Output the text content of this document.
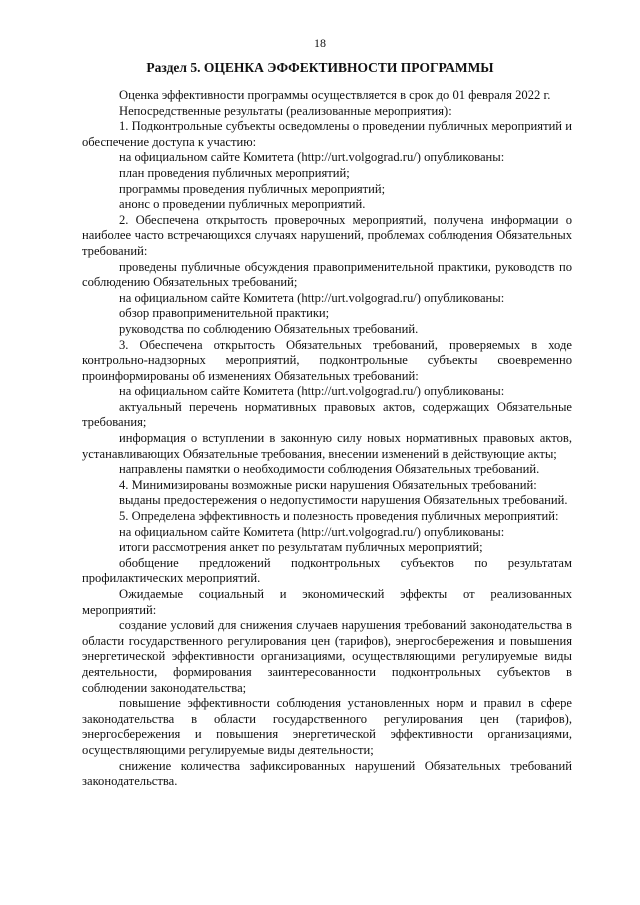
18
Раздел 5. ОЦЕНКА ЭФФЕКТИВНОСТИ ПРОГРАММЫ

Оценка эффективности программы осуществляется в срок до 01 февраля 2022 г.

Непосредственные результаты (реализованные мероприятия):

1. Подконтрольные субъекты осведомлены о проведении публичных мероприятий и обеспечение доступа к участию:

на официальном сайте Комитета (http://urt.volgograd.ru/) опубликованы:

план проведения публичных мероприятий;

программы проведения публичных мероприятий;

анонс о проведении публичных мероприятий.

2. Обеспечена открытость проверочных мероприятий, получена информации о наиболее часто встречающихся случаях нарушений, проблемах соблюдения Обязательных требований:

проведены публичные обсуждения правоприменительной практики, руководств по соблюдению Обязательных требований;

на официальном сайте Комитета (http://urt.volgograd.ru/) опубликованы:

обзор правоприменительной практики;

руководства по соблюдению Обязательных требований.

3. Обеспечена открытость Обязательных требований, проверяемых в ходе контрольно-надзорных мероприятий, подконтрольные субъекты своевременно проинформированы об изменениях Обязательных требований:

на официальном сайте Комитета (http://urt.volgograd.ru/) опубликованы:

актуальный перечень нормативных правовых актов, содержащих Обязательные требования;

информация о вступлении в законную силу новых нормативных правовых актов, устанавливающих Обязательные требования, внесении изменений в действующие акты;

направлены памятки о необходимости соблюдения Обязательных требований.

4. Минимизированы возможные риски нарушения Обязательных требований:

выданы предостережения о недопустимости нарушения Обязательных требований.

5. Определена эффективность и полезность проведения публичных мероприятий:

на официальном сайте Комитета (http://urt.volgograd.ru/) опубликованы:

итоги рассмотрения анкет по результатам публичных мероприятий;

обобщение предложений подконтрольных субъектов по результатам профилактических мероприятий.

Ожидаемые социальный и экономический эффекты от реализованных мероприятий:

создание условий для снижения случаев нарушения требований законодательства в области государственного регулирования цен (тарифов), энергосбережения и повышения энергетической эффективности организациями, осуществляющими регулируемые виды деятельности, формирования заинтересованности подконтрольных субъектов в соблюдении законодательства;

повышение эффективности соблюдения установленных норм и правил в сфере законодательства в области государственного регулирования цен (тарифов), энергосбережения и повышения энергетической эффективности организациями, осуществляющими регулируемые виды деятельности;

снижение количества зафиксированных нарушений Обязательных требований законодательства.
